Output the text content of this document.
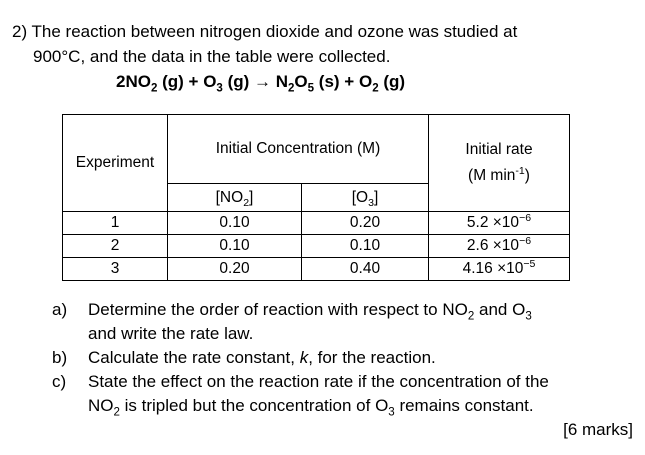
2) The reaction between nitrogen dioxide and ozone was studied at
900°C, and the data in the table were collected.
$2NO_2$ $(g) + O_3$ $(g) \to N_2O_5$ $(s) + O_2$ (g)
Experiment	Initial Concentration (M)		Initial rate
(M $\min^{-1}$)

	$[NO_2]$	$[O_3]$	
1	0.10	0.20	$5.2 \times 10^{-6}$
2	0.10	0.10	$2.6 \times 10^{-6}$
3	0.20	0.40	$4.16 \times 10^{-5}$
a) Determine the order of reaction with respect to $NO_2$ and $O_3$
and write the rate law.
b) Calculate the rate constant, k, for the reaction.
c) State the effect on the reaction rate if the concentration of the
$NO_2$ is tripled but the concentration of $O_3$ remains constant.
[6 marks]
